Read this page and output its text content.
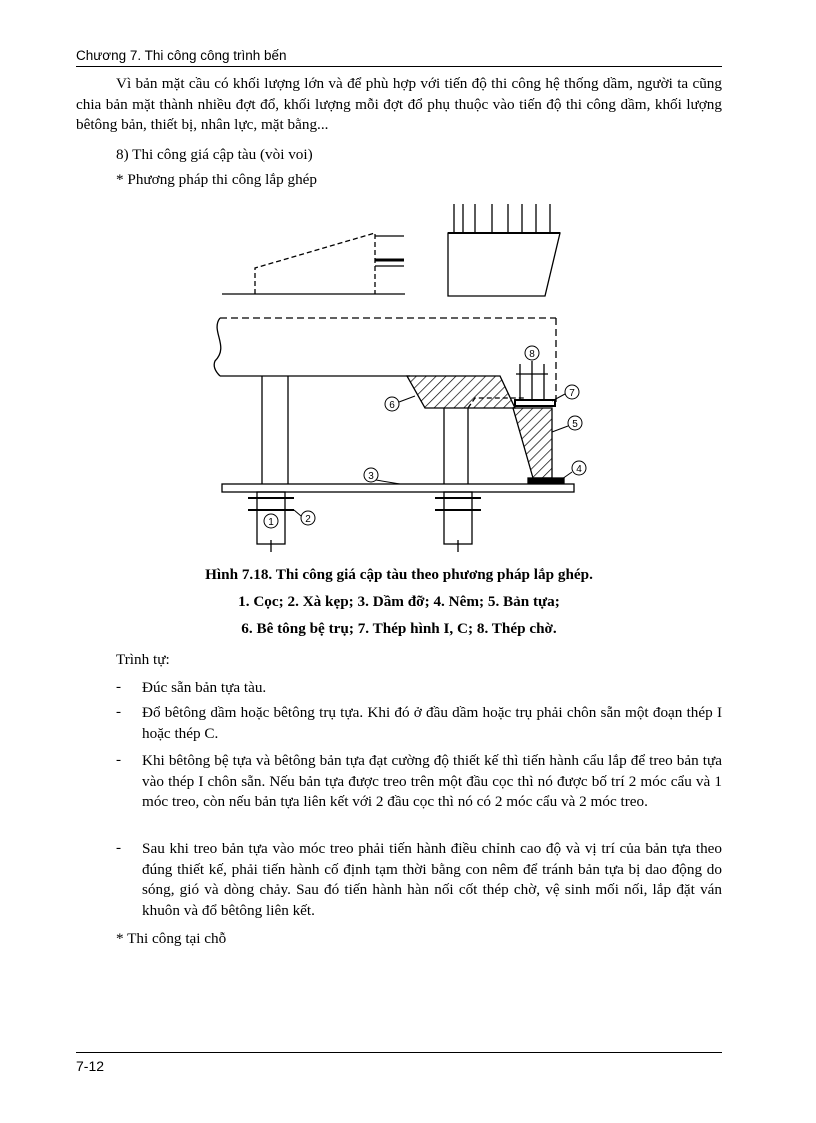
Chương 7. Thi công công trình bến
Vì bản mặt cầu có khối lượng lớn và để phù hợp với tiến độ thi công hệ thống dầm, người ta cũng chia bản mặt thành nhiều đợt đổ, khối lượng mỗi đợt đổ phụ thuộc vào tiến độ thi công dầm, khối lượng bêtông bản, thiết bị, nhân lực, mặt bằng...
8) Thi công giá cập tàu (vòi voi)
* Phương pháp thi công lắp ghép
1	2
3
4
5
6
7
8
Hình 7.18. Thi công giá cập tàu theo phương pháp lắp ghép.
1. Cọc; 2. Xà kẹp; 3. Dầm đỡ; 4. Nêm; 5. Bản tựa;
6. Bê tông bệ trụ; 7. Thép hình I, C; 8. Thép chờ.
Trình tự:
- Đúc sẵn bản tựa tàu.
- Đổ bêtông dầm hoặc bêtông trụ tựa. Khi đó ở đầu dầm hoặc trụ phải chôn sẵn một đoạn thép I hoặc thép C.
- Khi bêtông bệ tựa và bêtông bản tựa đạt cường độ thiết kế thì tiến hành cẩu lắp để treo bản tựa vào thép I chôn sẵn. Nếu bản tựa được treo trên một đầu cọc thì nó được bố trí 2 móc cẩu và 1 móc treo, còn nếu bản tựa liên kết với 2 đầu cọc thì nó có 2 móc cẩu và 2 móc treo.
- Sau khi treo bản tựa vào móc treo phải tiến hành điều chỉnh cao độ và vị trí của bản tựa theo đúng thiết kế, phải tiến hành cố định tạm thời bằng con nêm để tránh bản tựa bị dao động do sóng, gió và dòng chảy. Sau đó tiến hành hàn nối cốt thép chờ, vệ sinh mối nối, lắp đặt ván khuôn và đổ bêtông liên kết.
* Thi công tại chỗ
7-12
